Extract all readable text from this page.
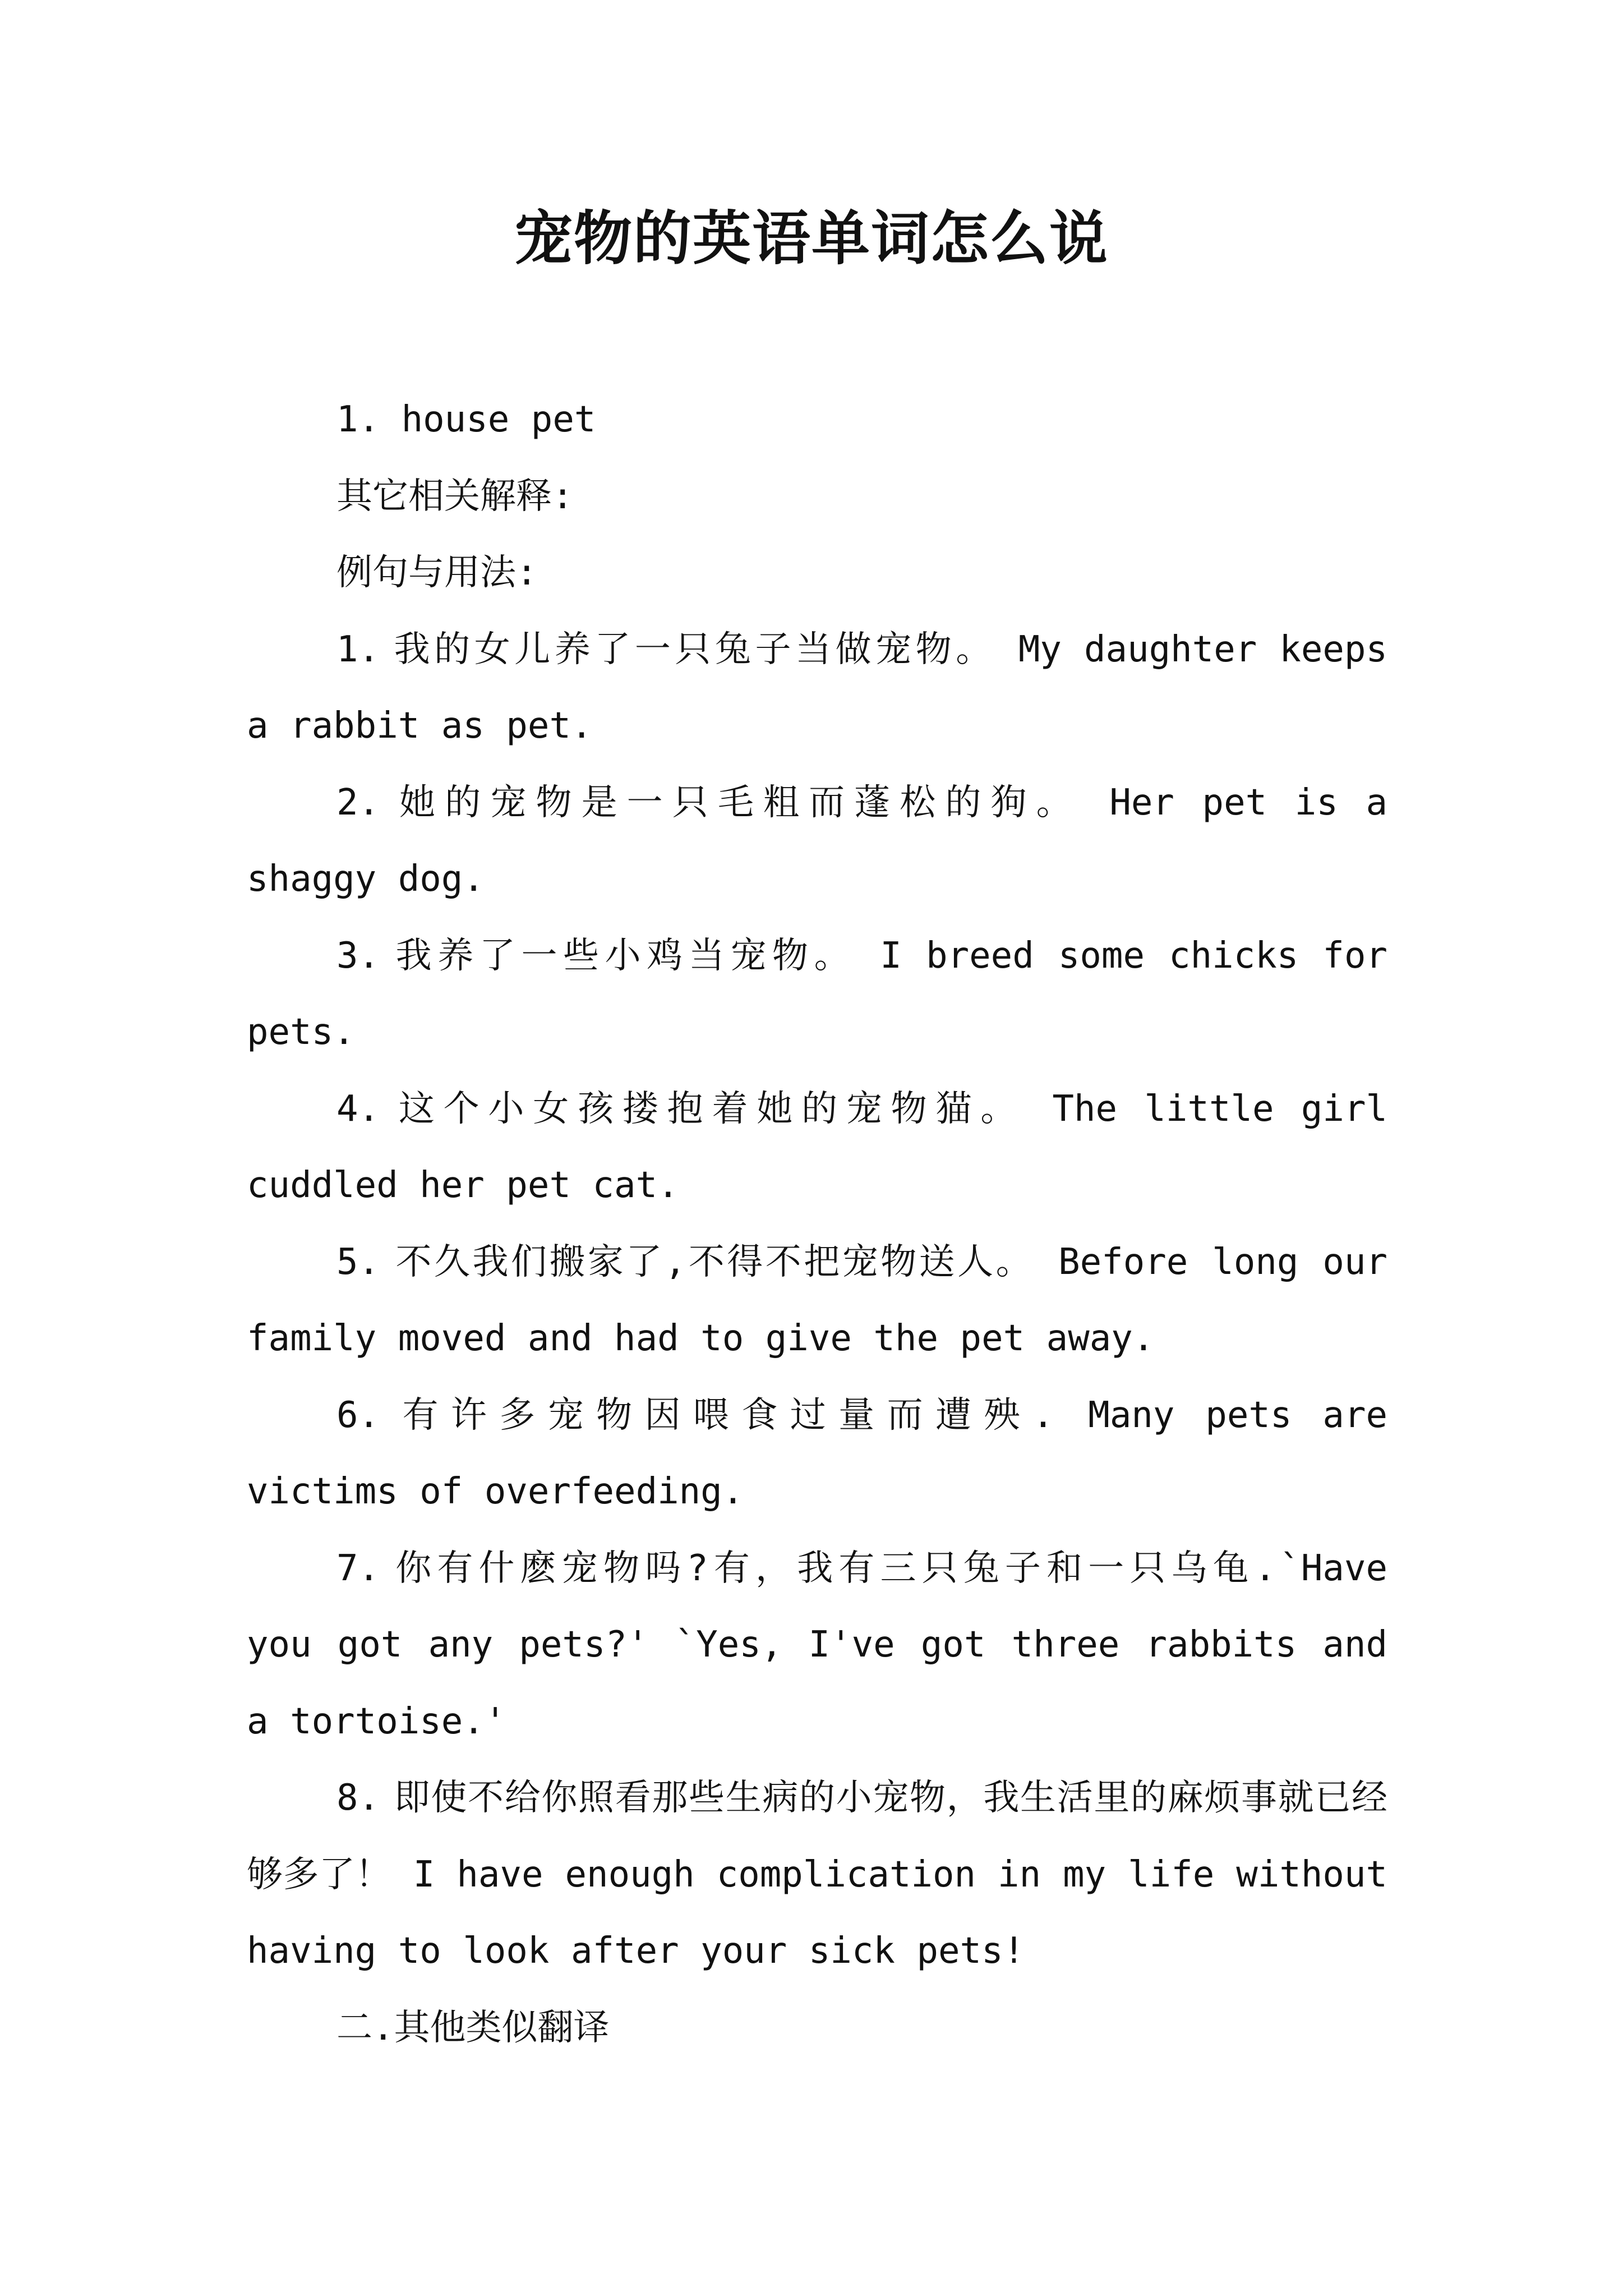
宠物的英语单词怎么说

1. house pet

其它相关解释:

例句与用法:

1. 我的女儿养了一只兔子当做宠物。 My daughter keeps a rabbit as pet.

2. 她的宠物是一只毛粗而蓬松的狗。 Her pet is a shaggy dog.

3. 我养了一些小鸡当宠物。 I breed some chicks for pets.

4. 这个小女孩搂抱着她的宠物猫。 The little girl cuddled her pet cat.

5. 不久我们搬家了,不得不把宠物送人。 Before long our family moved and had to give the pet away.

6. 有许多宠物因喂食过量而遭殃. Many pets are victims of overfeeding.

7. 你有什麽宠物吗?有，我有三只兔子和一只乌龟.`Have you got any pets?' `Yes, I've got three rabbits and a tortoise.'

8. 即使不给你照看那些生病的小宠物，我生活里的麻烦事就已经够多了！ I have enough complication in my life without having to look after your sick pets!

二.其他类似翻译
